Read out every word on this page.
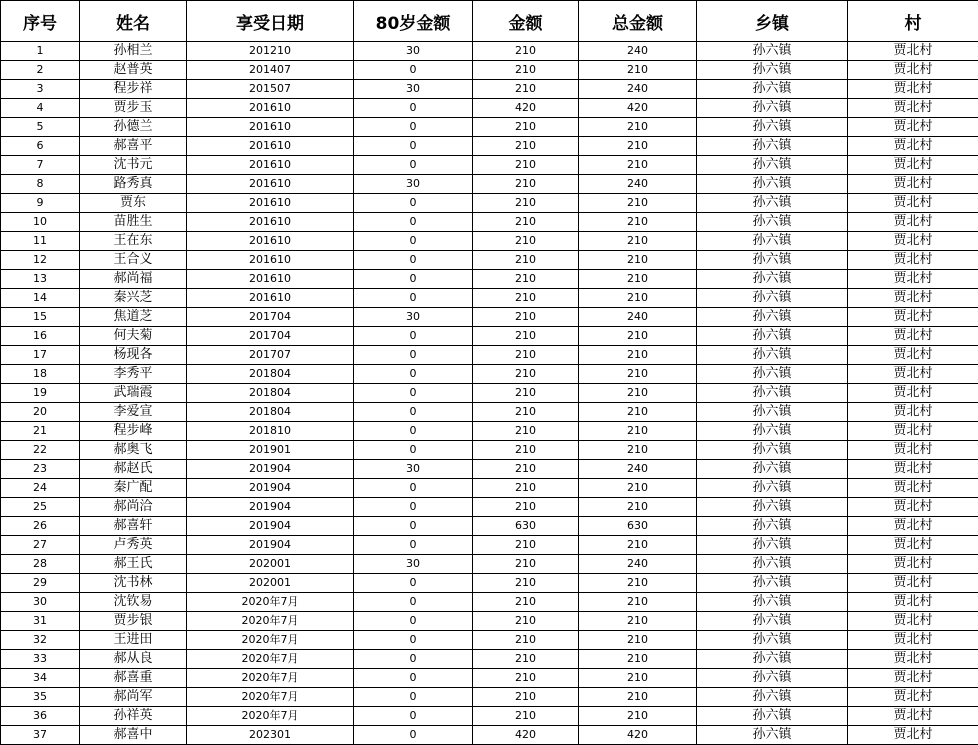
序号	姓名	享受日期	80岁金额	金额	总金额	乡镇	村
1	孙相兰	201210	30	210	240	孙六镇	贾北村
2	赵普英	201407	0	210	210	孙六镇	贾北村
3	程步祥	201507	30	210	240	孙六镇	贾北村
4	贾步玉	201610	0	420	420	孙六镇	贾北村
5	孙德兰	201610	0	210	210	孙六镇	贾北村
6	郝喜平	201610	0	210	210	孙六镇	贾北村
7	沈书元	201610	0	210	210	孙六镇	贾北村
8	路秀真	201610	30	210	240	孙六镇	贾北村
9	贾东	201610	0	210	210	孙六镇	贾北村
10	苗胜生	201610	0	210	210	孙六镇	贾北村
11	王在东	201610	0	210	210	孙六镇	贾北村
12	王合义	201610	0	210	210	孙六镇	贾北村
13	郝尚福	201610	0	210	210	孙六镇	贾北村
14	秦兴芝	201610	0	210	210	孙六镇	贾北村
15	焦道芝	201704	30	210	240	孙六镇	贾北村
16	何夫菊	201704	0	210	210	孙六镇	贾北村
17	杨现各	201707	0	210	210	孙六镇	贾北村
18	李秀平	201804	0	210	210	孙六镇	贾北村
19	武瑞霞	201804	0	210	210	孙六镇	贾北村
20	李爱宣	201804	0	210	210	孙六镇	贾北村
21	程步峰	201810	0	210	210	孙六镇	贾北村
22	郝奥飞	201901	0	210	210	孙六镇	贾北村
23	郝赵氏	201904	30	210	240	孙六镇	贾北村
24	秦广配	201904	0	210	210	孙六镇	贾北村
25	郝尚洽	201904	0	210	210	孙六镇	贾北村
26	郝喜轩	201904	0	630	630	孙六镇	贾北村
27	卢秀英	201904	0	210	210	孙六镇	贾北村
28	郝王氏	202001	30	210	240	孙六镇	贾北村
29	沈书林	202001	0	210	210	孙六镇	贾北村
30	沈钦易	2020年7月	0	210	210	孙六镇	贾北村
31	贾步银	2020年7月	0	210	210	孙六镇	贾北村
32	王进田	2020年7月	0	210	210	孙六镇	贾北村
33	郝从良	2020年7月	0	210	210	孙六镇	贾北村
34	郝喜重	2020年7月	0	210	210	孙六镇	贾北村
35	郝尚军	2020年7月	0	210	210	孙六镇	贾北村
36	孙祥英	2020年7月	0	210	210	孙六镇	贾北村
37	郝喜中	202301	0	420	420	孙六镇	贾北村
